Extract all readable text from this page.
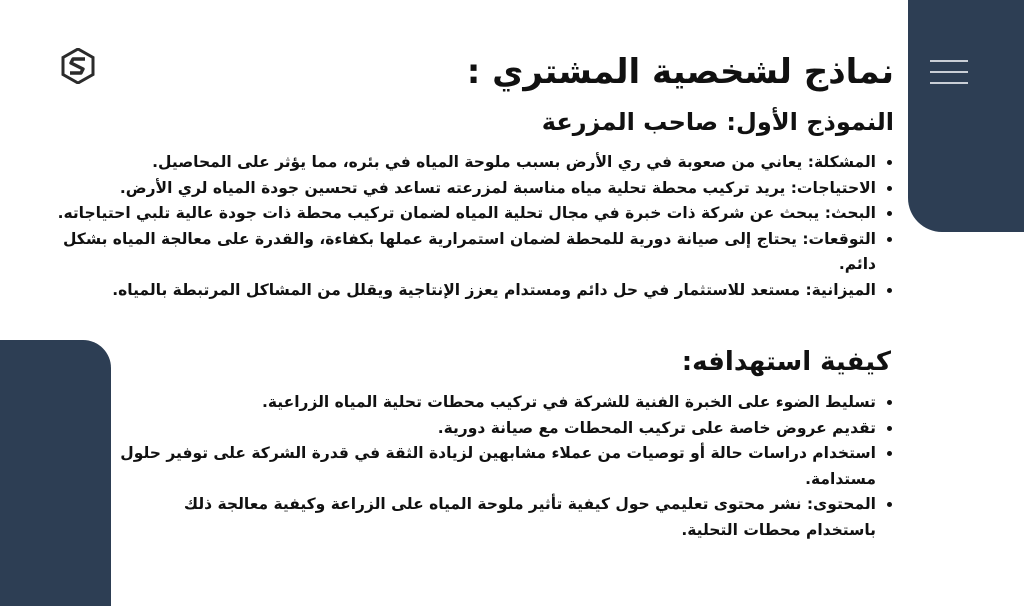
نماذج لشخصية المشتري :
النموذج الأول: صاحب المزرعة
• المشكلة: يعاني من صعوبة في ري الأرض بسبب ملوحة المياه في بئره، مما يؤثر على المحاصيل.
• الاحتياجات: يريد تركيب محطة تحلية مياه مناسبة لمزرعته تساعد في تحسين جودة المياه لري الأرض.
• البحث: يبحث عن شركة ذات خبرة في مجال تحلية المياه لضمان تركيب محطة ذات جودة عالية تلبي احتياجاته.
• التوقعات: يحتاج إلى صيانة دورية للمحطة لضمان استمرارية عملها بكفاءة، والقدرة على معالجة المياه بشكل دائم.
• الميزانية: مستعد للاستثمار في حل دائم ومستدام يعزز الإنتاجية ويقلل من المشاكل المرتبطة بالمياه.
كيفية استهدافه:
• تسليط الضوء على الخبرة الفنية للشركة في تركيب محطات تحلية المياه الزراعية.
• تقديم عروض خاصة على تركيب المحطات مع صيانة دورية.
• استخدام دراسات حالة أو توصيات من عملاء مشابهين لزيادة الثقة في قدرة الشركة على توفير حلول مستدامة.
• المحتوى: نشر محتوى تعليمي حول كيفية تأثير ملوحة المياه على الزراعة وكيفية معالجة ذلك باستخدام محطات التحلية.
